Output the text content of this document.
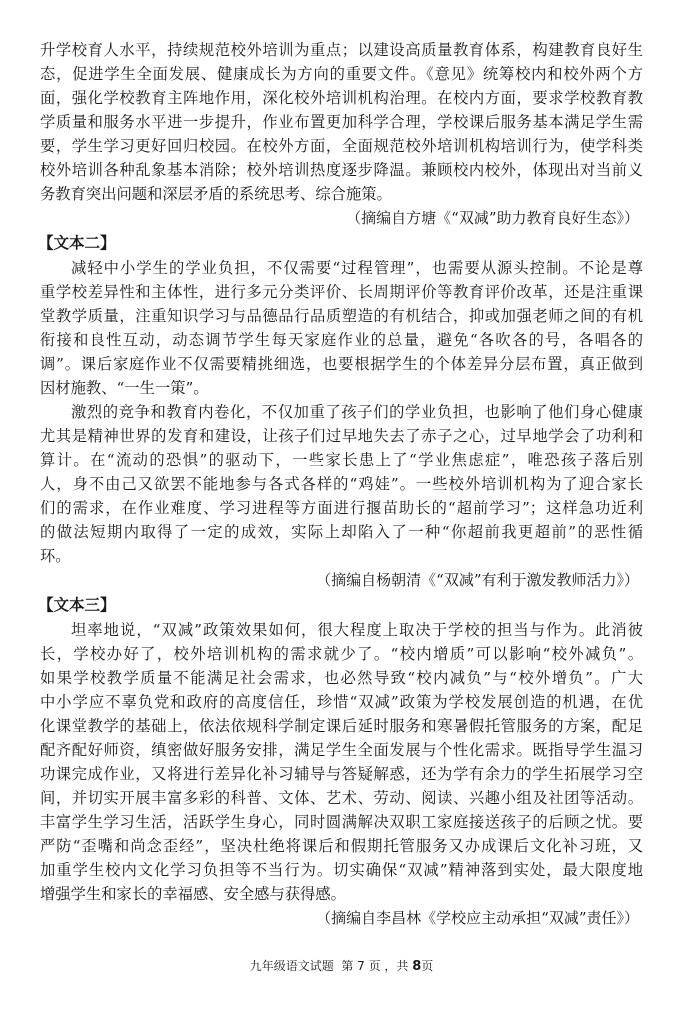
升学校育人水平，持续规范校外培训为重点；以建设高质量教育体系，构建教育良好生
态，促进学生全面发展、健康成长为方向的重要文件。《意见》统筹校内和校外两个方
面，强化学校教育主阵地作用，深化校外培训机构治理。在校内方面，要求学校教育教
学质量和服务水平进一步提升，作业布置更加科学合理，学校课后服务基本满足学生需
要，学生学习更好回归校园。在校外方面，全面规范校外培训机构培训行为，使学科类
校外培训各种乱象基本消除；校外培训热度逐步降温。兼顾校内校外，体现出对当前义
务教育突出问题和深层矛盾的系统思考、综合施策。
（摘编自方塘《“双减”助力教育良好生态》）
【文本二】
减轻中小学生的学业负担，不仅需要“过程管理”，也需要从源头控制。不论是尊
重学校差异性和主体性，进行多元分类评价、长周期评价等教育评价改革，还是注重课
堂教学质量，注重知识学习与品德品行品质塑造的有机结合，抑或加强老师之间的有机
衔接和良性互动，动态调节学生每天家庭作业的总量，避免“各吹各的号，各唱各的
调”。课后家庭作业不仅需要精挑细选，也要根据学生的个体差异分层布置，真正做到
因材施教、“一生一策”。
激烈的竞争和教育内卷化，不仅加重了孩子们的学业负担，也影响了他们身心健康
尤其是精神世界的发育和建设，让孩子们过早地失去了赤子之心，过早地学会了功利和
算计。在“流动的恐惧”的驱动下，一些家长患上了“学业焦虑症”，唯恐孩子落后别
人，身不由己又欲罢不能地参与各式各样的“鸡娃”。一些校外培训机构为了迎合家长
们的需求，在作业难度、学习进程等方面进行揠苗助长的“超前学习”；这样急功近利
的做法短期内取得了一定的成效，实际上却陷入了一种“你超前我更超前”的恶性循
环。
（摘编自杨朝清《“双减”有利于激发教师活力》）
【文本三】
坦率地说，“双减”政策效果如何，很大程度上取决于学校的担当与作为。此消彼
长，学校办好了，校外培训机构的需求就少了。“校内增质”可以影响“校外减负”。
如果学校教学质量不能满足社会需求，也必然导致“校内减负”与“校外增负”。广大
中小学应不辜负党和政府的高度信任，珍惜“双减”政策为学校发展创造的机遇，在优
化课堂教学的基础上，依法依规科学制定课后延时服务和寒暑假托管服务的方案，配足
配齐配好师资，缜密做好服务安排，满足学生全面发展与个性化需求。既指导学生温习
功课完成作业，又将进行差异化补习辅导与答疑解惑，还为学有余力的学生拓展学习空
间，并切实开展丰富多彩的科普、文体、艺术、劳动、阅读、兴趣小组及社团等活动。
丰富学生学习生活，活跃学生身心，同时圆满解决双职工家庭接送孩子的后顾之忧。要
严防“歪嘴和尚念歪经”，坚决杜绝将课后和假期托管服务又办成课后文化补习班，又
加重学生校内文化学习负担等不当行为。切实确保“双减”精神落到实处，最大限度地
增强学生和家长的幸福感、安全感与获得感。
（摘编自李昌林《学校应主动承担“双减”责任》）
九年级语文试题  第 7 页 ，共 8页
